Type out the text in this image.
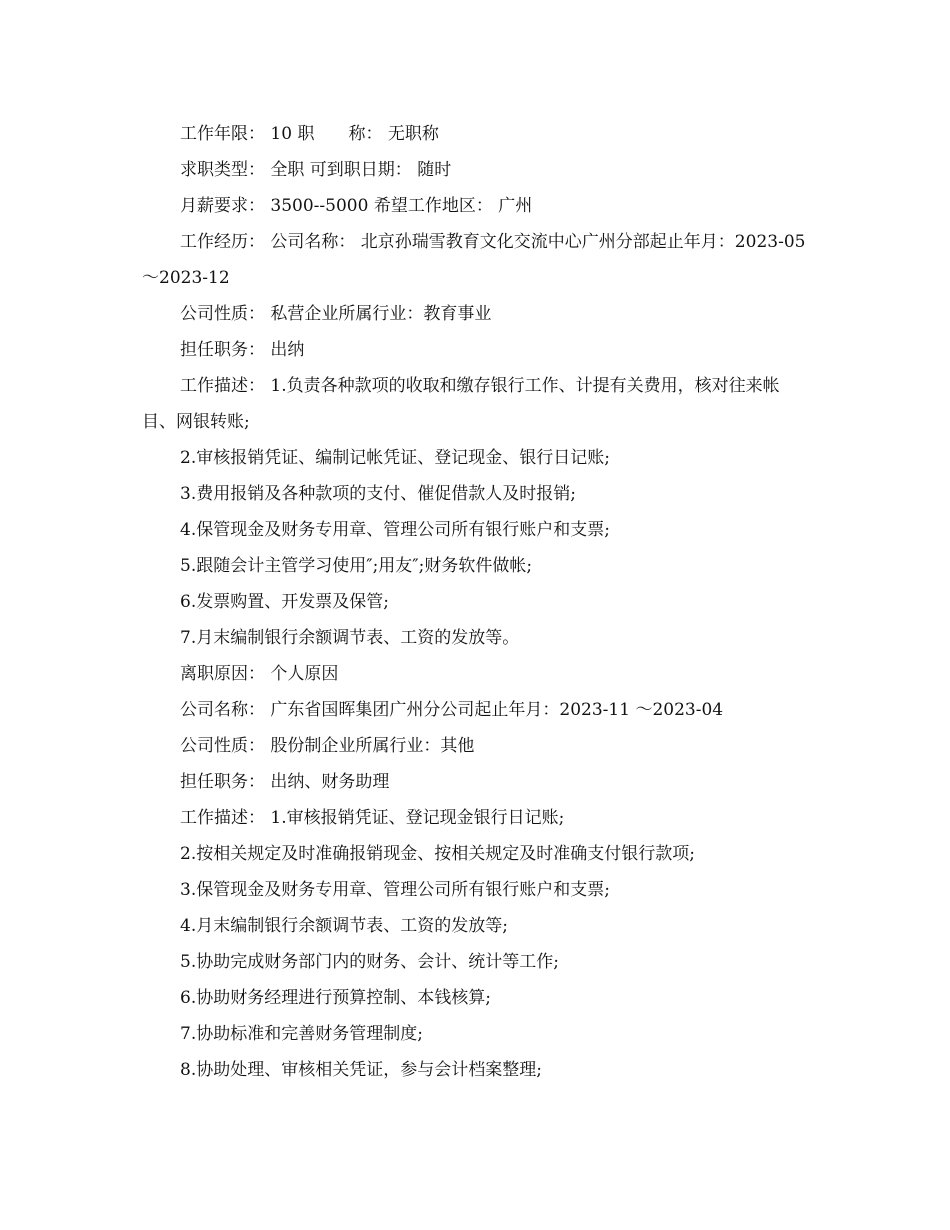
工作年限： 10 职　　称： 无职称
求职类型： 全职 可到职日期： 随时
月薪要求： 3500--5000 希望工作地区： 广州
工作经历： 公司名称： 北京孙瑞雪教育文化交流中心广州分部起止年月：2023-05 ～2023-12
公司性质： 私营企业所属行业：教育事业
担任职务： 出纳
工作描述： 1.负责各种款项的收取和缴存银行工作、计提有关费用，核对往来帐目、网银转账;
2.审核报销凭证、编制记帐凭证、登记现金、银行日记账;
3.费用报销及各种款项的支付、催促借款人及时报销;
4.保管现金及财务专用章、管理公司所有银行账户和支票;
5.跟随会计主管学习使用″;用友″;财务软件做帐;
6.发票购置、开发票及保管;
7.月末编制银行余额调节表、工资的发放等。
离职原因： 个人原因
公司名称： 广东省国晖集团广州分公司起止年月：2023-11 ～2023-04
公司性质： 股份制企业所属行业：其他
担任职务： 出纳、财务助理
工作描述： 1.审核报销凭证、登记现金银行日记账;
2.按相关规定及时准确报销现金、按相关规定及时准确支付银行款项;
3.保管现金及财务专用章、管理公司所有银行账户和支票;
4.月末编制银行余额调节表、工资的发放等;
5.协助完成财务部门内的财务、会计、统计等工作;
6.协助财务经理进行预算控制、本钱核算;
7.协助标准和完善财务管理制度;
8.协助处理、审核相关凭证，参与会计档案整理;
